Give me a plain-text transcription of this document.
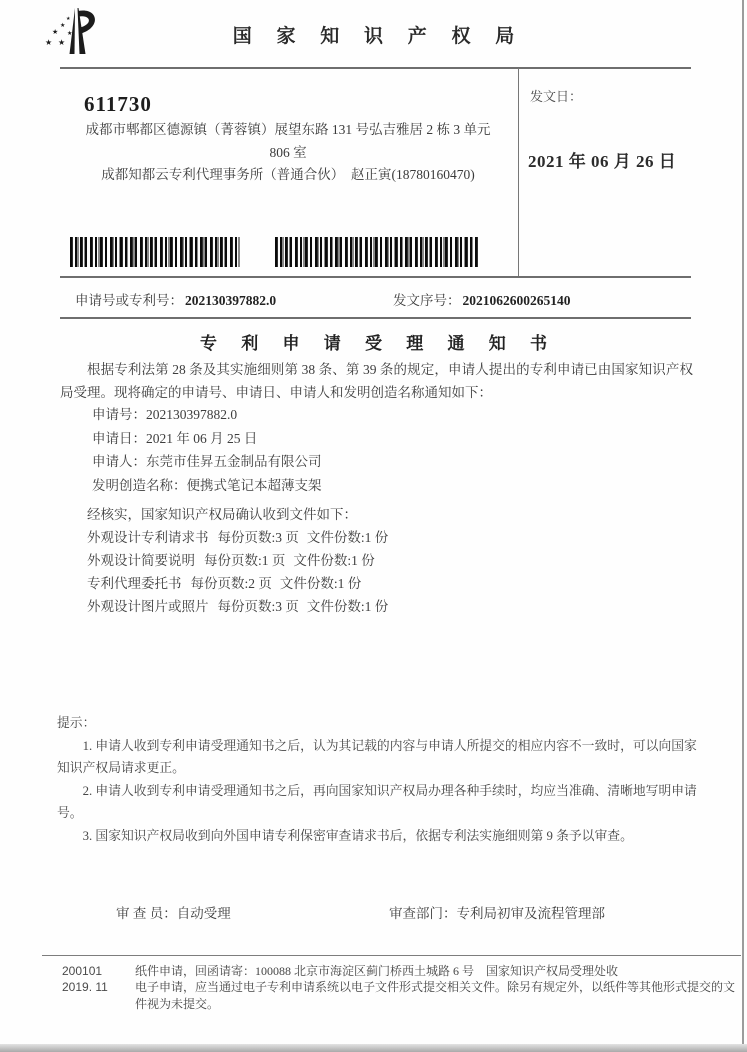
★
★
★
★
★
★	国 家 知 识 产 权 局
发文日：
2021 年 06 月 26 日
611730
成都市郫都区德源镇（菁蓉镇）展望东路 131 号弘吉雅居 2 栋 3 单元
806 室
成都知都云专利代理事务所（普通合伙）　赵正寅(18780160470)
申请号或专利号： 202130397882.0	发文序号： 2021062600265140
专 利 申 请 受 理 通 知 书
根据专利法第 28 条及其实施细则第 38 条、第 39 条的规定，申请人提出的专利申请已由国家知识产权局受理。现将确定的申请号、申请日、申请人和发明创造名称通知如下：
申请号：202130397882.0
申请日：2021 年 06 月 25 日
申请人：东莞市佳昇五金制品有限公司
发明创造名称：便携式笔记本超薄支架
经核实，国家知识产权局确认收到文件如下：
外观设计专利请求书 每份页数:3 页 文件份数:1 份
外观设计简要说明 每份页数:1 页 文件份数:1 份
专利代理委托书 每份页数:2 页 文件份数:1 份
外观设计图片或照片 每份页数:3 页 文件份数:1 份
提示：

1. 申请人收到专利申请受理通知书之后，认为其记载的内容与申请人所提交的相应内容不一致时，可以向国家知识产权局请求更正。

2. 申请人收到专利申请受理通知书之后，再向国家知识产权局办理各种手续时，均应当准确、清晰地写明申请号。

3. 国家知识产权局收到向外国申请专利保密审查请求书后，依据专利法实施细则第 9 条予以审查。

审 查 员：自动受理	审查部门：专利局初审及流程管理部
200101
2019. 11
纸件申请，回函请寄：100088 北京市海淀区蓟门桥西土城路 6 号　国家知识产权局受理处收
电子申请，应当通过电子专利申请系统以电子文件形式提交相关文件。除另有规定外，以纸件等其他形式提交的文件视为未提交。
